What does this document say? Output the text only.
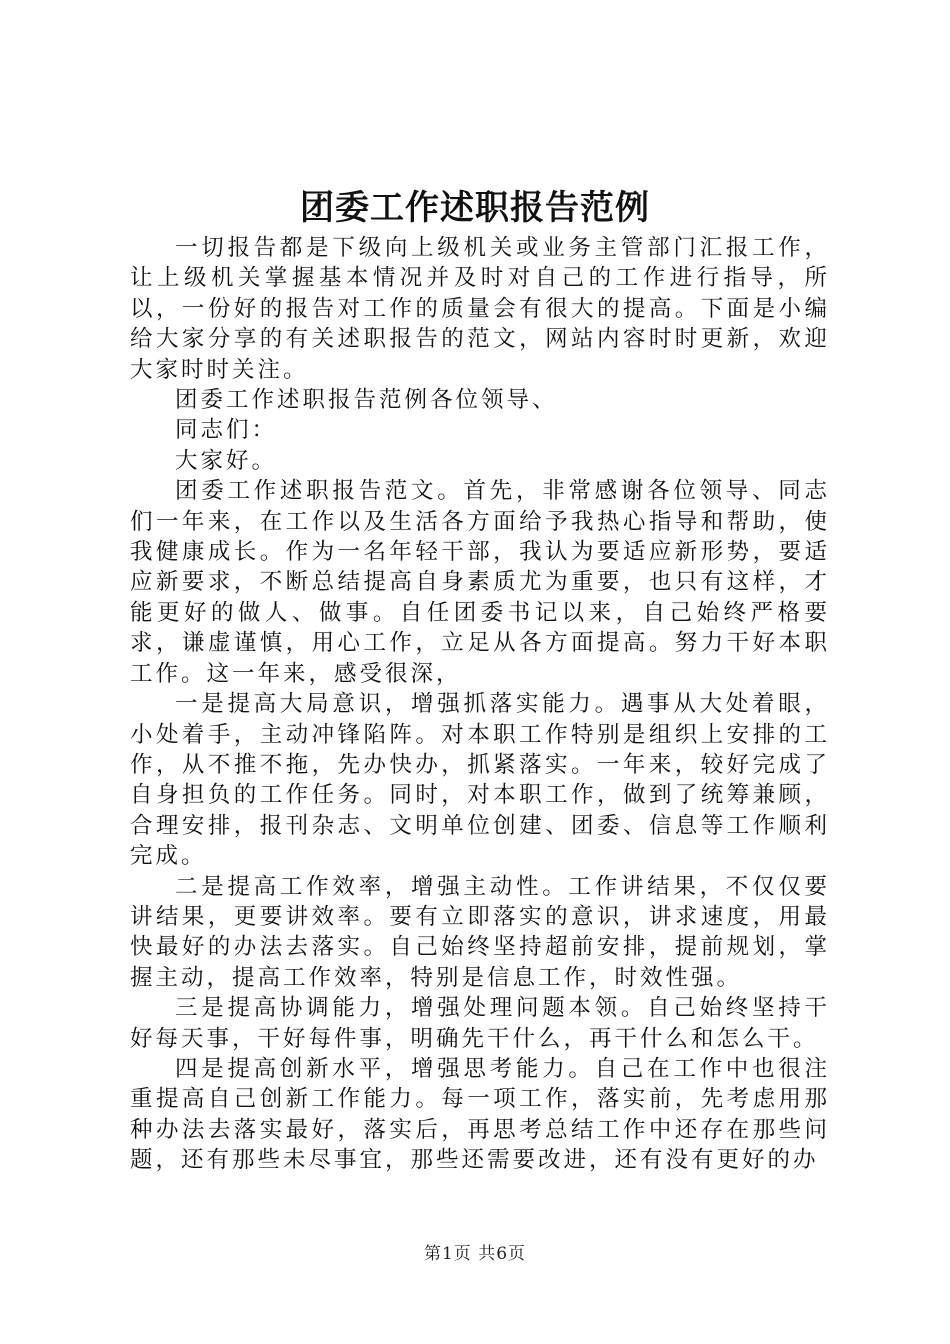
团委工作述职报告范例

一切报告都是下级向上级机关或业务主管部门汇报工作，让上级机关掌握基本情况并及时对自己的工作进行指导，所以，一份好的报告对工作的质量会有很大的提高。下面是小编给大家分享的有关述职报告的范文，网站内容时时更新，欢迎大家时时关注。

团委工作述职报告范例各位领导、

同志们：

大家好。

团委工作述职报告范文。首先，非常感谢各位领导、同志们一年来，在工作以及生活各方面给予我热心指导和帮助，使我健康成长。作为一名年轻干部，我认为要适应新形势，要适应新要求，不断总结提高自身素质尤为重要，也只有这样，才能更好的做人、做事。自任团委书记以来，自己始终严格要求，谦虚谨慎，用心工作，立足从各方面提高。努力干好本职工作。这一年来，感受很深，

一是提高大局意识，增强抓落实能力。遇事从大处着眼，小处着手，主动冲锋陷阵。对本职工作特别是组织上安排的工作，从不推不拖，先办快办，抓紧落实。一年来，较好完成了自身担负的工作任务。同时，对本职工作，做到了统筹兼顾，合理安排，报刊杂志、文明单位创建、团委、信息等工作顺利完成。

二是提高工作效率，增强主动性。工作讲结果，不仅仅要讲结果，更要讲效率。要有立即落实的意识，讲求速度，用最快最好的办法去落实。自己始终坚持超前安排，提前规划，掌握主动，提高工作效率，特别是信息工作，时效性强。

三是提高协调能力，增强处理问题本领。自己始终坚持干好每天事，干好每件事，明确先干什么，再干什么和怎么干。

四是提高创新水平，增强思考能力。自己在工作中也很注重提高自己创新工作能力。每一项工作，落实前，先考虑用那种办法去落实最好，落实后，再思考总结工作中还存在那些问题，还有那些未尽事宜，那些还需要改进，还有没有更好的办

第1页 共6页
